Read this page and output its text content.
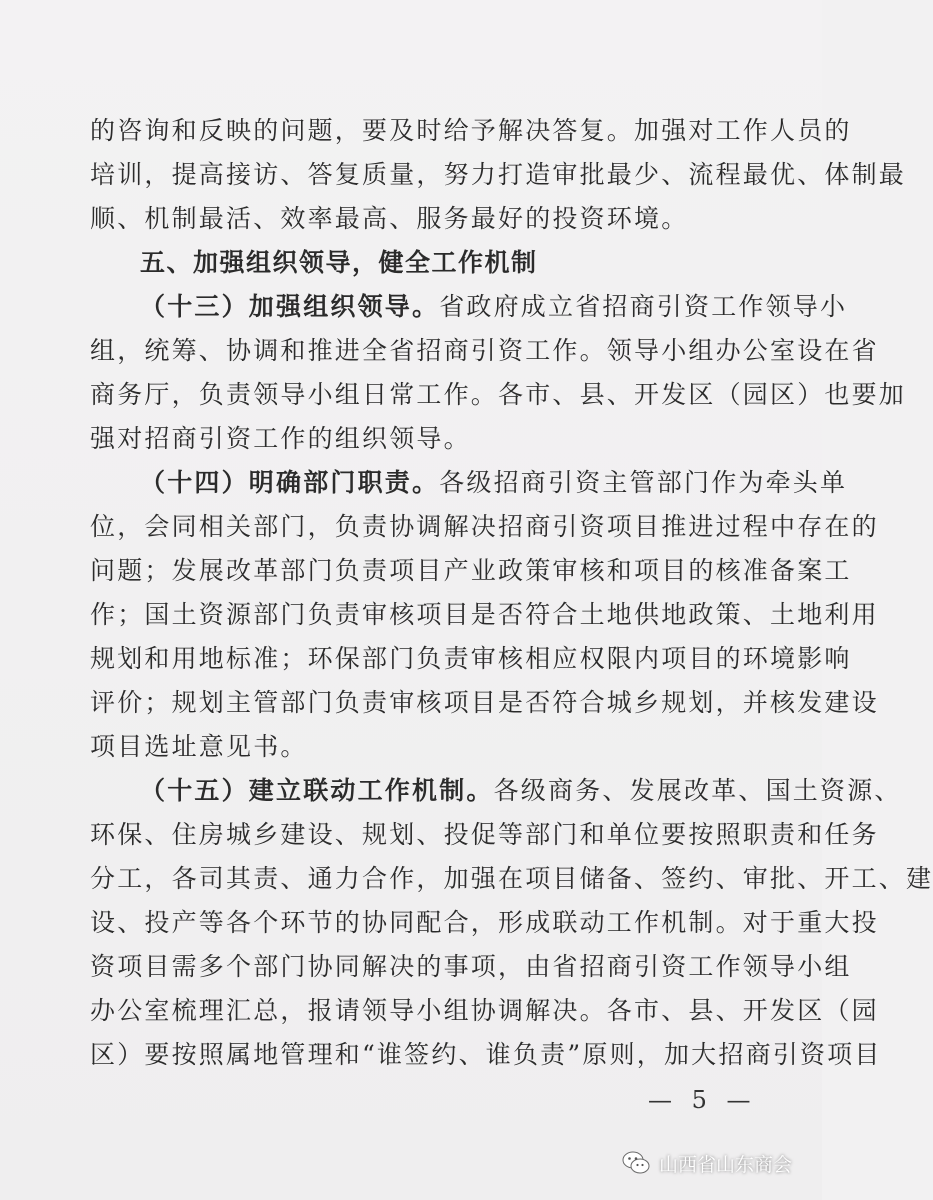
的咨询和反映的问题，要及时给予解决答复。加强对工作人员的
培训，提高接访、答复质量，努力打造审批最少、流程最优、体制最
顺、机制最活、效率最高、服务最好的投资环境。
五、加强组织领导，健全工作机制
（十三）加强组织领导。省政府成立省招商引资工作领导小
组，统筹、协调和推进全省招商引资工作。领导小组办公室设在省
商务厅，负责领导小组日常工作。各市、县、开发区（园区）也要加
强对招商引资工作的组织领导。
（十四）明确部门职责。各级招商引资主管部门作为牵头单
位，会同相关部门，负责协调解决招商引资项目推进过程中存在的
问题；发展改革部门负责项目产业政策审核和项目的核准备案工
作；国土资源部门负责审核项目是否符合土地供地政策、土地利用
规划和用地标准；环保部门负责审核相应权限内项目的环境影响
评价；规划主管部门负责审核项目是否符合城乡规划，并核发建设
项目选址意见书。
（十五）建立联动工作机制。各级商务、发展改革、国土资源、
环保、住房城乡建设、规划、投促等部门和单位要按照职责和任务
分工，各司其责、通力合作，加强在项目储备、签约、审批、开工、建
设、投产等各个环节的协同配合，形成联动工作机制。对于重大投
资项目需多个部门协同解决的事项，由省招商引资工作领导小组
办公室梳理汇总，报请领导小组协调解决。各市、县、开发区（园
区）要按照属地管理和“谁签约、谁负责”原则，加大招商引资项目
— 5 —
山西省山东商会
